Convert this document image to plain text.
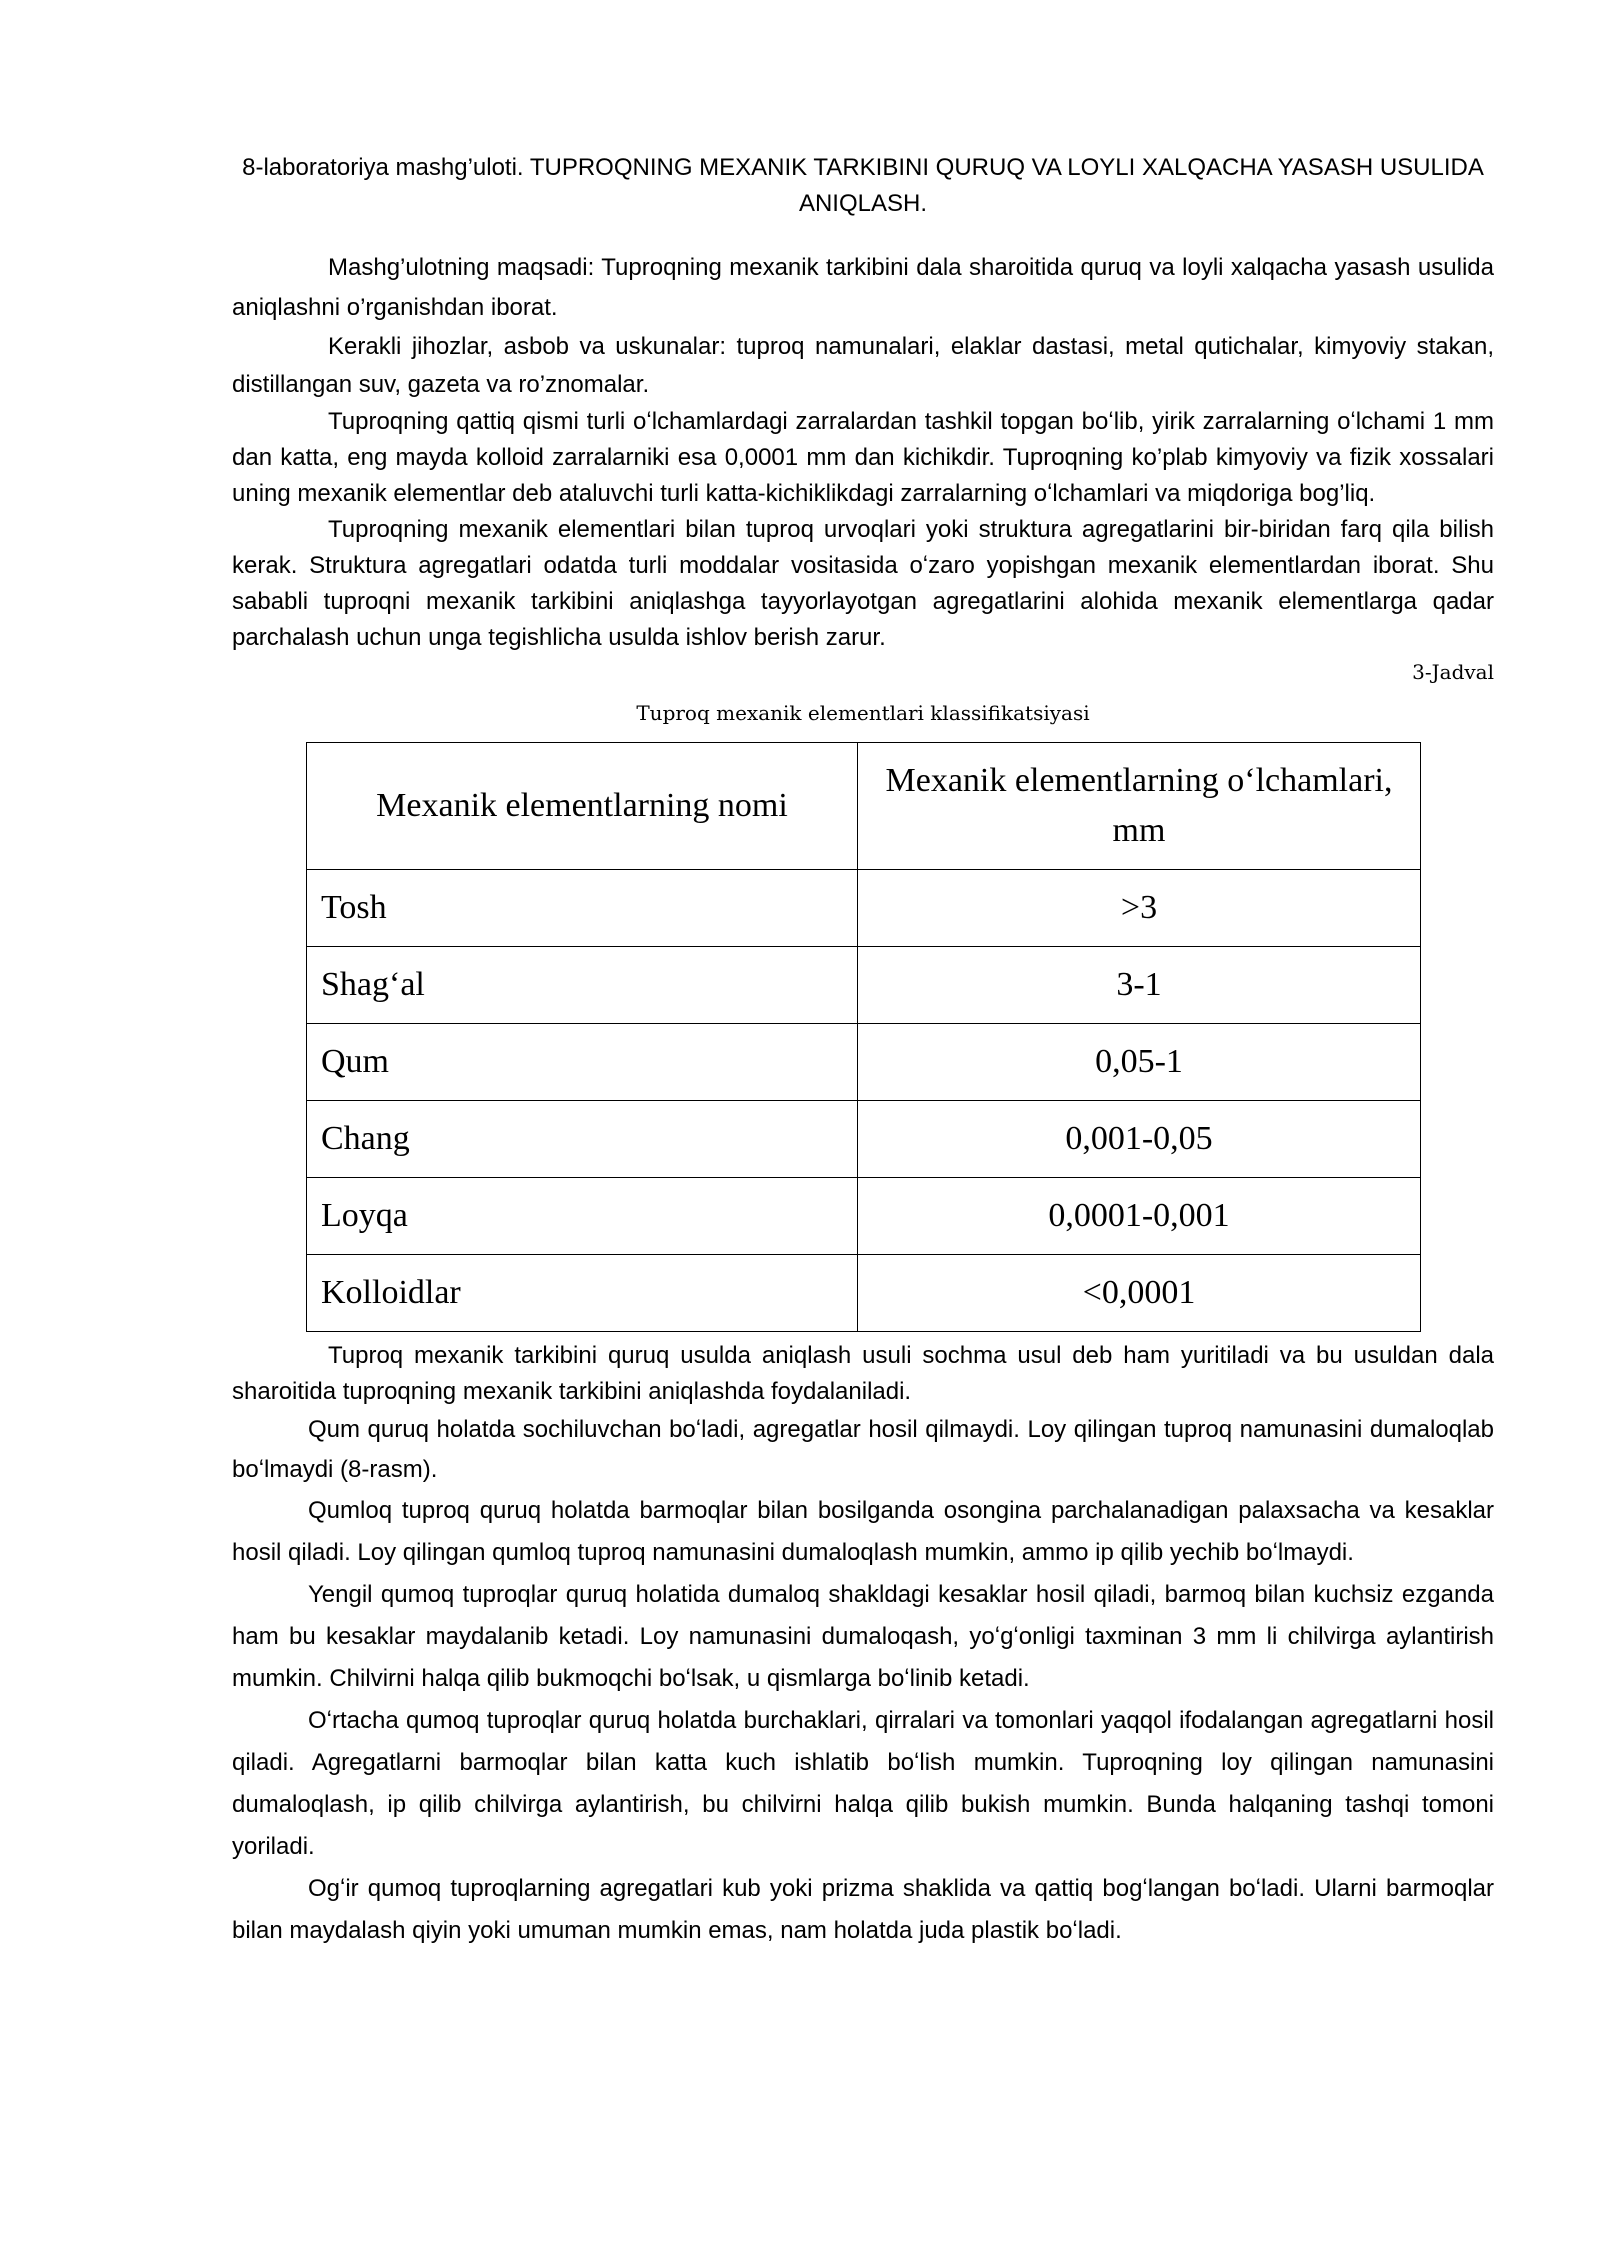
8-laboratoriya mashg’uloti. TUPROQNING MEXANIK TARKIBINI QURUQ VA LOYLI XALQACHA YASASH USULIDA ANIQLASH.

Mashg’ulotning maqsadi: Tuproqning mexanik tarkibini dala sharoitida quruq va loyli xalqacha yasash usulida aniqlashni o’rganishdan iborat.

Kerakli jihozlar, asbob va uskunalar: tuproq namunalari, elaklar dastasi, metal qutichalar, kimyoviy stakan, distillangan suv, gazeta va ro’znomalar.

Tuproqning qattiq qismi turli oʻlchamlardagi zarralardan tashkil topgan boʻlib, yirik zarralarning oʻlchami 1 mm dan katta, eng mayda kolloid zarralarniki esa 0,0001 mm dan kichikdir. Tuproqning ko’plab kimyoviy va fizik xossalari uning mexanik elementlar deb ataluvchi turli katta-kichiklikdagi zarralarning oʻlchamlari va miqdoriga bog’liq.

Tuproqning mexanik elementlari bilan tuproq urvoqlari yoki struktura agregatlarini bir-biridan farq qila bilish kerak. Struktura agregatlari odatda turli moddalar vositasida oʻzaro yopishgan mexanik elementlardan iborat. Shu sababli tuproqni mexanik tarkibini aniqlashga tayyorlayotgan agregatlarini alohida mexanik elementlarga qadar parchalash uchun unga tegishlicha usulda ishlov berish zarur.

3-Jadval
Tuproq mexanik elementlari klassifikatsiyasi
Mexanik elementlarning nomi	Mexanik elementlarning oʻlchamlari, mm
Tosh	>3
Shagʻal	3-1
Qum	0,05-1
Chang	0,001-0,05
Loyqa	0,0001-0,001
Kolloidlar	<0,0001

Tuproq mexanik tarkibini quruq usulda aniqlash usuli sochma usul deb ham yuritiladi va bu usuldan dala sharoitida tuproqning mexanik tarkibini aniqlashda foydalaniladi.

Qum quruq holatda sochiluvchan boʻladi, agregatlar hosil qilmaydi. Loy qilingan tuproq namunasini dumaloqlab boʻlmaydi (8-rasm).

Qumloq tuproq quruq holatda barmoqlar bilan bosilganda osongina parchalanadigan palaxsacha va kesaklar hosil qiladi. Loy qilingan qumloq tuproq namunasini dumaloqlash mumkin, ammo ip qilib yechib boʻlmaydi.

Yengil qumoq tuproqlar quruq holatida dumaloq shakldagi kesaklar hosil qiladi, barmoq bilan kuchsiz ezganda ham bu kesaklar maydalanib ketadi. Loy namunasini dumaloqash, yoʻgʻonligi taxminan 3 mm li chilvirga aylantirish mumkin. Chilvirni halqa qilib bukmoqchi boʻlsak, u qismlarga boʻlinib ketadi.

Oʻrtacha qumoq tuproqlar quruq holatda burchaklari, qirralari va tomonlari yaqqol ifodalangan agregatlarni hosil qiladi. Agregatlarni barmoqlar bilan katta kuch ishlatib boʻlish mumkin. Tuproqning loy qilingan namunasini dumaloqlash, ip qilib chilvirga aylantirish, bu chilvirni halqa qilib bukish mumkin. Bunda halqaning tashqi tomoni yoriladi.

Ogʻir qumoq tuproqlarning agregatlari kub yoki prizma shaklida va qattiq bogʻlangan boʻladi. Ularni barmoqlar bilan maydalash qiyin yoki umuman mumkin emas, nam holatda juda plastik boʻladi.
